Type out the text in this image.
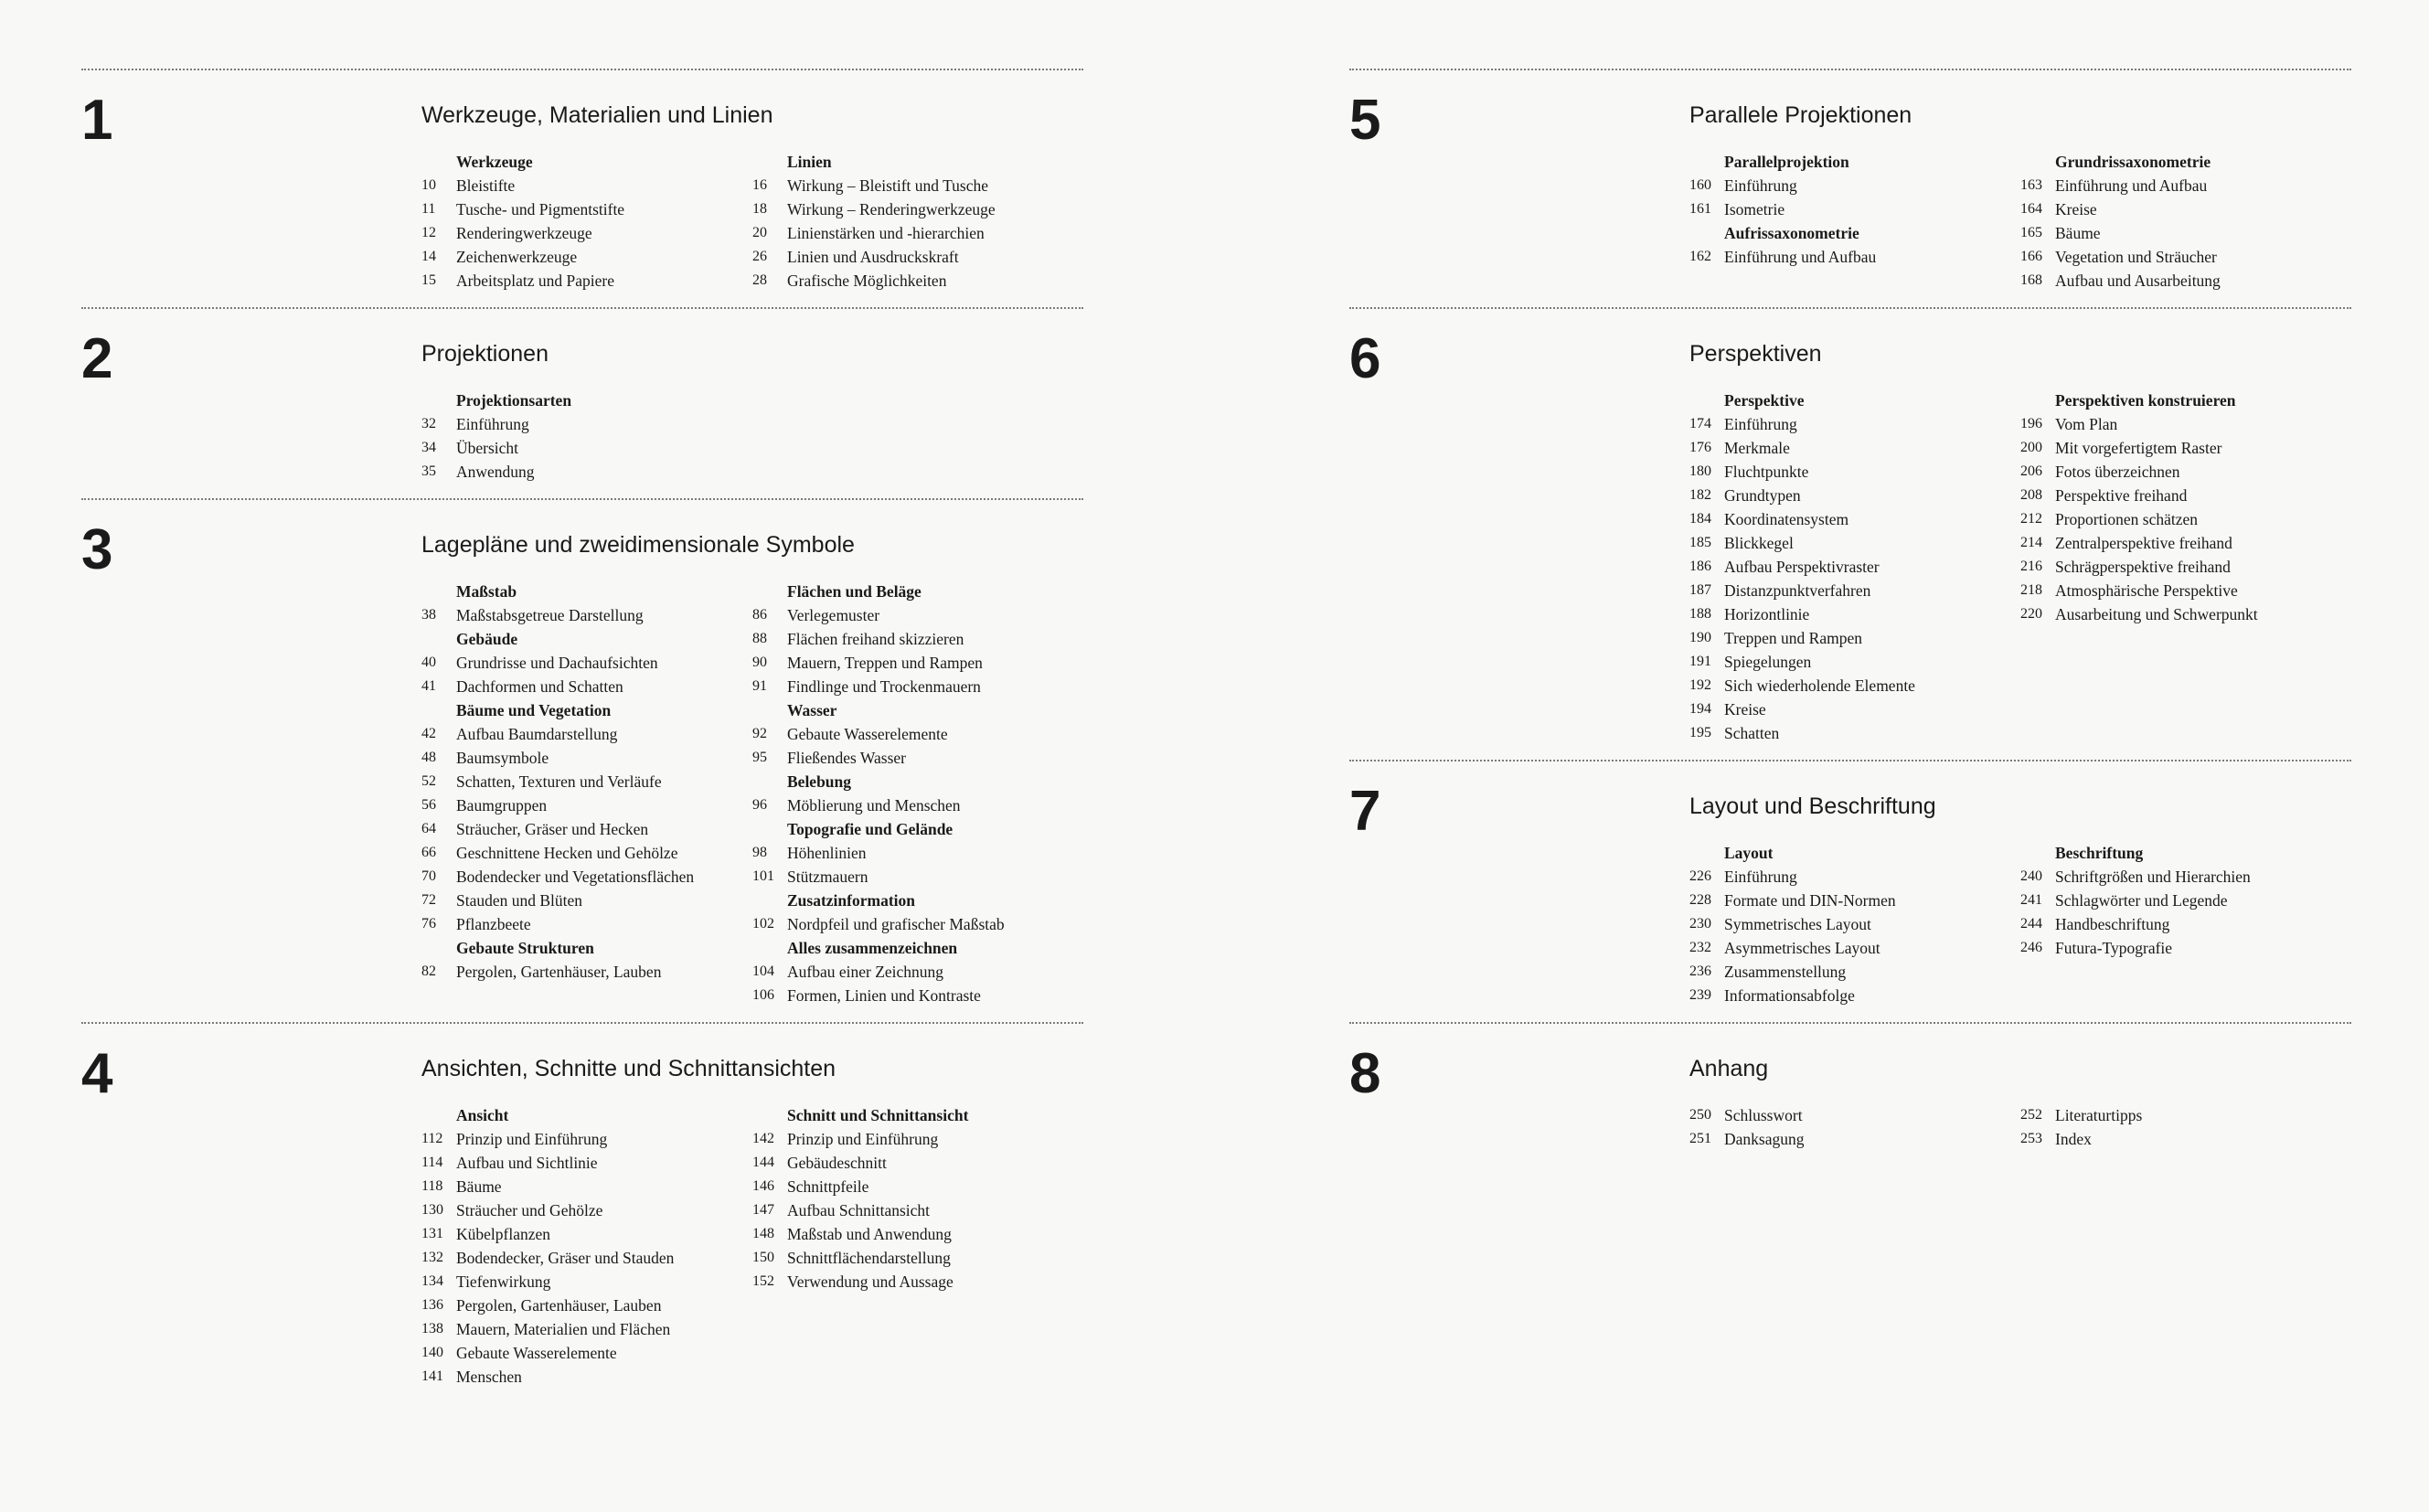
1	Werkzeuge, Materialien und Linien
Werkzeuge
10	Bleistifte
11	Tusche- und Pigmentstifte
12	Renderingwerkzeuge
14	Zeichenwerkzeuge
15	Arbeitsplatz und Papiere
Linien
16	Wirkung – Bleistift und Tusche
18	Wirkung – Renderingwerkzeuge
20	Linienstärken und -hierarchien
26	Linien und Ausdruckskraft
28	Grafische Möglichkeiten
2	Projektionen
Projektionsarten
32	Einführung
34	Übersicht
35	Anwendung
3	Lagepläne und zweidimensionale Symbole
Maßstab
38	Maßstabsgetreue Darstellung
Gebäude
40	Grundrisse und Dachaufsichten
41	Dachformen und Schatten
Bäume und Vegetation
42	Aufbau Baumdarstellung
48	Baumsymbole
52	Schatten, Texturen und Verläufe
56	Baumgruppen
64	Sträucher, Gräser und Hecken
66	Geschnittene Hecken und Gehölze
70	Bodendecker und Vegetationsflächen
72	Stauden und Blüten
76	Pflanzbeete
Gebaute Strukturen
82	Pergolen, Gartenhäuser, Lauben
Flächen und Beläge
86	Verlegemuster
88	Flächen freihand skizzieren
90	Mauern, Treppen und Rampen
91	Findlinge und Trockenmauern
Wasser
92	Gebaute Wasserelemente
95	Fließendes Wasser
Belebung
96	Möblierung und Menschen
Topografie und Gelände
98	Höhenlinien
101 Stützmauern
Zusatzinformation
102 Nordpfeil und grafischer Maßstab
Alles zusammenzeichnen
104 Aufbau einer Zeichnung
106 Formen, Linien und Kontraste
4	Ansichten, Schnitte und Schnittansichten
Ansicht
112 Prinzip und Einführung
114 Aufbau und Sichtlinie
118 Bäume
130 Sträucher und Gehölze
131 Kübelpflanzen
132 Bodendecker, Gräser und Stauden
134 Tiefenwirkung
136 Pergolen, Gartenhäuser, Lauben
138 Mauern, Materialien und Flächen
140 Gebaute Wasserelemente
141 Menschen
Schnitt und Schnittansicht
142 Prinzip und Einführung
144 Gebäudeschnitt
146 Schnittpfeile
147 Aufbau Schnittansicht
148 Maßstab und Anwendung
150 Schnittflächendarstellung
152 Verwendung und Aussage
5	Parallele Projektionen
Parallelprojektion
160 Einführung
161 Isometrie
Aufrissaxonometrie
162 Einführung und Aufbau
Grundrissaxonometrie
163 Einführung und Aufbau
164 Kreise
165 Bäume
166 Vegetation und Sträucher
168 Aufbau und Ausarbeitung
6	Perspektiven
Perspektive
174 Einführung
176 Merkmale
180 Fluchtpunkte
182 Grundtypen
184 Koordinatensystem
185 Blickkegel
186 Aufbau Perspektivraster
187 Distanzpunktverfahren
188 Horizontlinie
190 Treppen und Rampen
191 Spiegelungen
192 Sich wiederholende Elemente
194 Kreise
195 Schatten
Perspektiven konstruieren
196 Vom Plan
200 Mit vorgefertigtem Raster
206 Fotos überzeichnen
208 Perspektive freihand
212 Proportionen schätzen
214 Zentralperspektive freihand
216 Schrägperspektive freihand
218 Atmosphärische Perspektive
220 Ausarbeitung und Schwerpunkt
7	Layout und Beschriftung
Layout
226 Einführung
228 Formate und DIN-Normen
230 Symmetrisches Layout
232 Asymmetrisches Layout
236 Zusammenstellung
239 Informationsabfolge
Beschriftung
240 Schriftgrößen und Hierarchien
241 Schlagwörter und Legende
244 Handbeschriftung
246 Futura-Typografie
8	Anhang
250 Schlusswort
251 Danksagung
252 Literaturtipps
253 Index
